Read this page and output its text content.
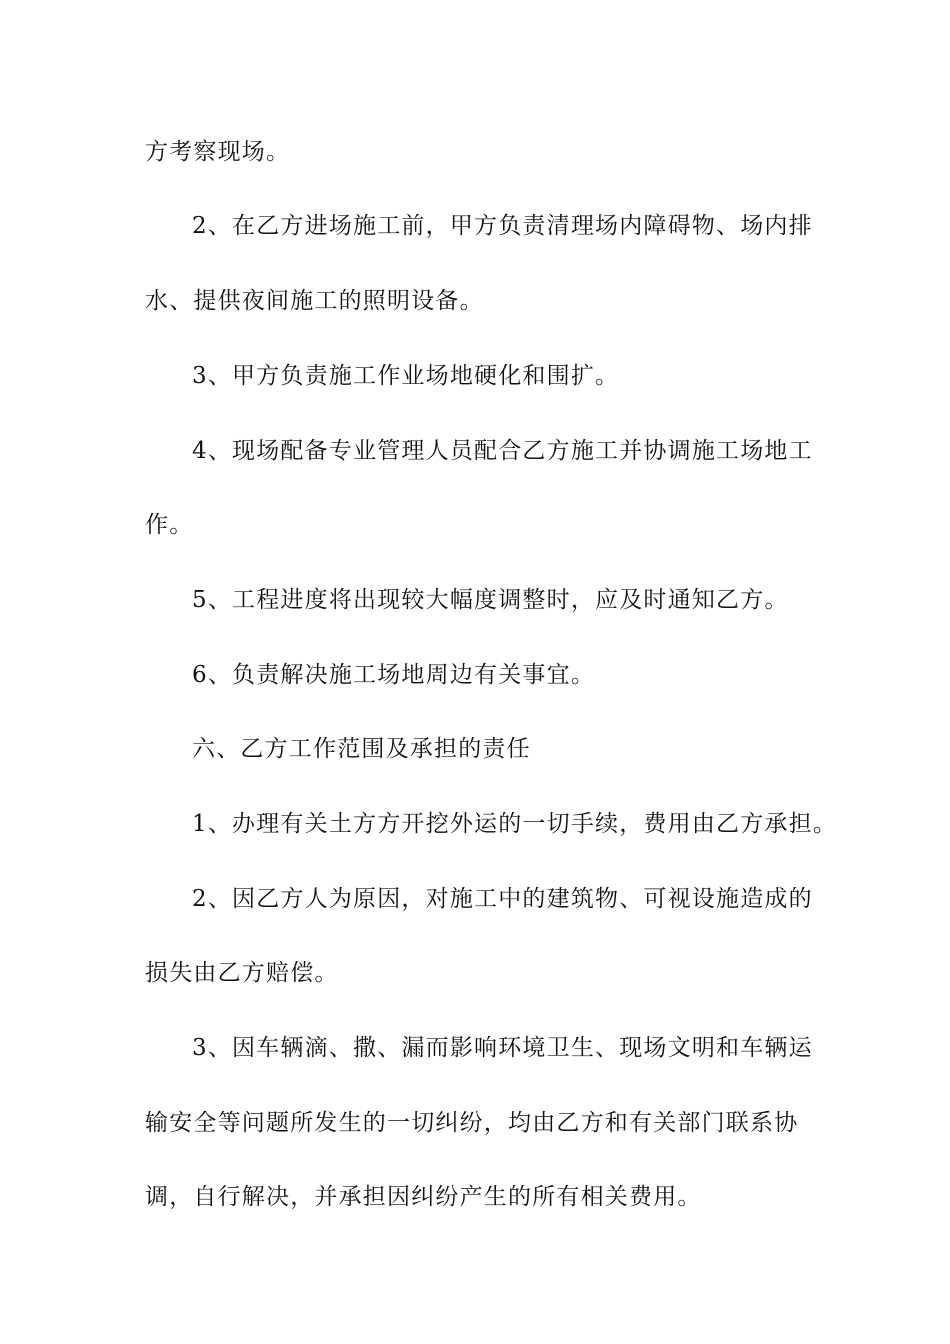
方考察现场。
2、在乙方进场施工前，甲方负责清理场内障碍物、场内排
水、提供夜间施工的照明设备。
3、甲方负责施工作业场地硬化和围扩。
4、现场配备专业管理人员配合乙方施工并协调施工场地工
作。
5、工程进度将出现较大幅度调整时，应及时通知乙方。
6、负责解决施工场地周边有关事宜。
六、乙方工作范围及承担的责任
1、办理有关土方方开挖外运的一切手续，费用由乙方承担。
2、因乙方人为原因，对施工中的建筑物、可视设施造成的
损失由乙方赔偿。
3、因车辆滴、撒、漏而影响环境卫生、现场文明和车辆运
输安全等问题所发生的一切纠纷，均由乙方和有关部门联系协
调，自行解决，并承担因纠纷产生的所有相关费用。
